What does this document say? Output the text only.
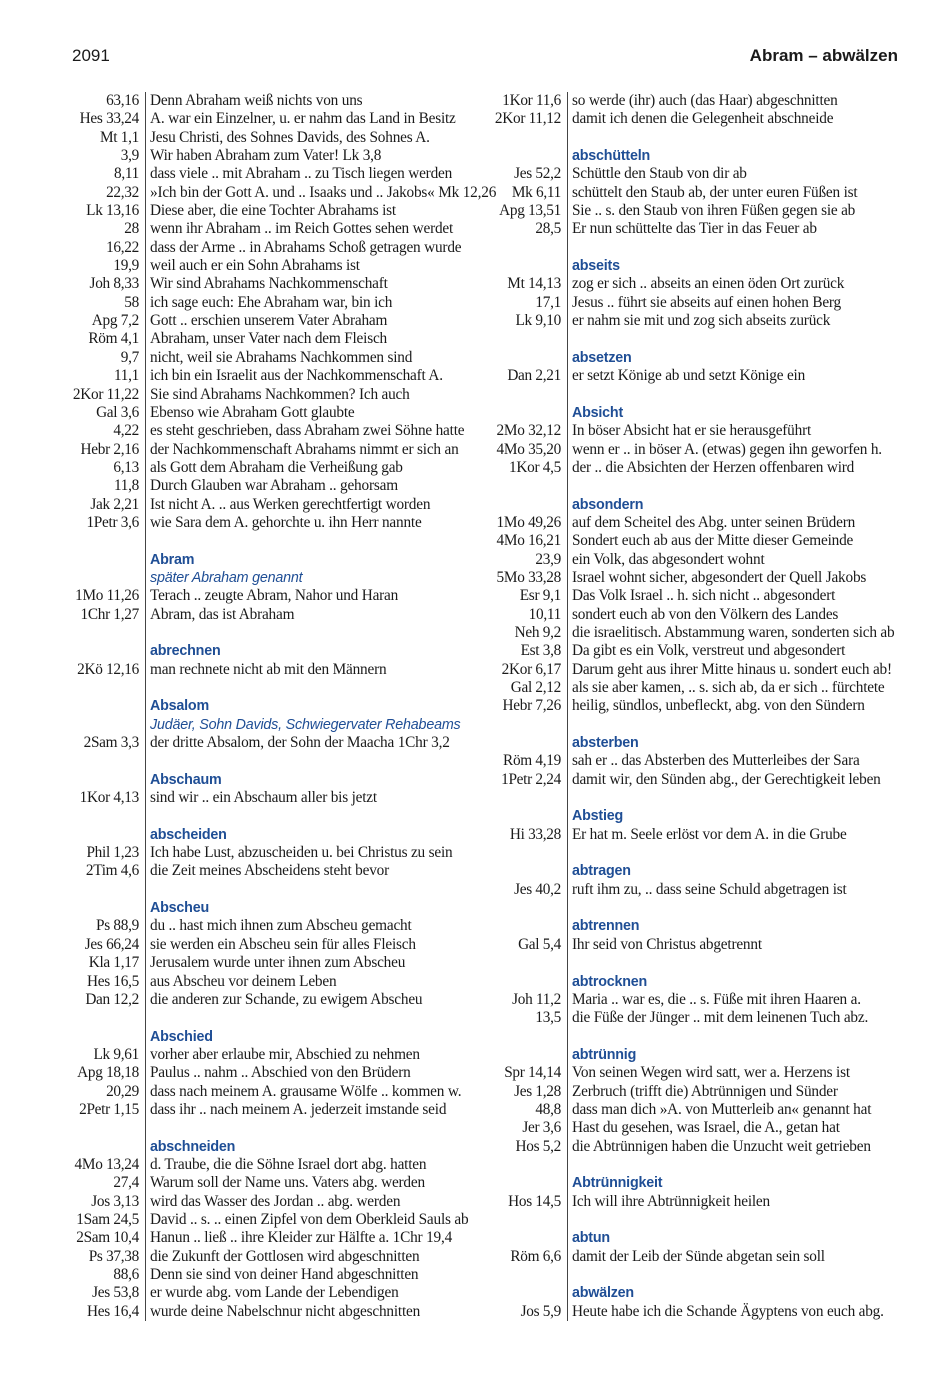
2091	Abram – abwälzen
63,16 Denn Abraham weiß nichts von uns
Hes 33,24 A. war ein Einzelner, u. er nahm das Land in Besitz
Mt 1,1 Jesu Christi, des Sohnes Davids, des Sohnes A.
3,9 Wir haben Abraham zum Vater! Lk 3,8
8,11 dass viele .. mit Abraham .. zu Tisch liegen werden
22,32 »Ich bin der Gott A. und .. Isaaks und .. Jakobs« Mk 12,26
Lk 13,16 Diese aber, die eine Tochter Abrahams ist
28 wenn ihr Abraham .. im Reich Gottes sehen werdet
16,22 dass der Arme .. in Abrahams Schoß getragen wurde
19,9 weil auch er ein Sohn Abrahams ist
Joh 8,33 Wir sind Abrahams Nachkommenschaft
58 ich sage euch: Ehe Abraham war, bin ich
Apg 7,2 Gott .. erschien unserem Vater Abraham
Röm 4,1 Abraham, unser Vater nach dem Fleisch
9,7 nicht, weil sie Abrahams Nachkommen sind
11,1 ich bin ein Israelit aus der Nachkommenschaft A.
2Kor 11,22 Sie sind Abrahams Nachkommen? Ich auch
Gal 3,6 Ebenso wie Abraham Gott glaubte
4,22 es steht geschrieben, dass Abraham zwei Söhne hatte
Hebr 2,16 der Nachkommenschaft Abrahams nimmt er sich an
6,13 als Gott dem Abraham die Verheißung gab
11,8 Durch Glauben war Abraham .. gehorsam
Jak 2,21 Ist nicht A. .. aus Werken gerechtfertigt worden
1Petr 3,6 wie Sara dem A. gehorchte u. ihn Herr nannte
Abram
später Abraham genannt
1Mo 11,26 Terach .. zeugte Abram, Nahor und Haran
1Chr 1,27 Abram, das ist Abraham
abrechnen
2Kö 12,16 man rechnete nicht ab mit den Männern
Absalom
Judäer, Sohn Davids, Schwiegervater Rehabeams
2Sam 3,3 der dritte Absalom, der Sohn der Maacha 1Chr 3,2
Abschaum
1Kor 4,13 sind wir .. ein Abschaum aller bis jetzt
abscheiden
Phil 1,23 Ich habe Lust, abzuscheiden u. bei Christus zu sein
2Tim 4,6 die Zeit meines Abscheidens steht bevor
Abscheu
Ps 88,9 du .. hast mich ihnen zum Abscheu gemacht
Jes 66,24 sie werden ein Abscheu sein für alles Fleisch
Kla 1,17 Jerusalem wurde unter ihnen zum Abscheu
Hes 16,5 aus Abscheu vor deinem Leben
Dan 12,2 die anderen zur Schande, zu ewigem Abscheu
Abschied
Lk 9,61 vorher aber erlaube mir, Abschied zu nehmen
Apg 18,18 Paulus .. nahm .. Abschied von den Brüdern
20,29 dass nach meinem A. grausame Wölfe .. kommen w.
2Petr 1,15 dass ihr .. nach meinem A. jederzeit imstande seid
abschneiden
4Mo 13,24 d. Traube, die die Söhne Israel dort abg. hatten
27,4 Warum soll der Name uns. Vaters abg. werden
Jos 3,13 wird das Wasser des Jordan .. abg. werden
1Sam 24,5 David .. s. .. einen Zipfel von dem Oberkleid Sauls ab
2Sam 10,4 Hanun .. ließ .. ihre Kleider zur Hälfte a. 1Chr 19,4
Ps 37,38 die Zukunft der Gottlosen wird abgeschnitten
88,6 Denn sie sind von deiner Hand abgeschnitten
Jes 53,8 er wurde abg. vom Lande der Lebendigen
Hes 16,4 wurde deine Nabelschnur nicht abgeschnitten
1Kor 11,6 so werde (ihr) auch (das Haar) abgeschnitten
2Kor 11,12 damit ich denen die Gelegenheit abschneide
abschütteln
Jes 52,2 Schüttle den Staub von dir ab
Mk 6,11 schüttelt den Staub ab, der unter euren Füßen ist
Apg 13,51 Sie .. s. den Staub von ihren Füßen gegen sie ab
28,5 Er nun schüttelte das Tier in das Feuer ab
abseits
Mt 14,13 zog er sich .. abseits an einen öden Ort zurück
17,1 Jesus .. führt sie abseits auf einen hohen Berg
Lk 9,10 er nahm sie mit und zog sich abseits zurück
absetzen
Dan 2,21 er setzt Könige ab und setzt Könige ein
Absicht
2Mo 32,12 In böser Absicht hat er sie herausgeführt
4Mo 35,20 wenn er .. in böser A. (etwas) gegen ihn geworfen h.
1Kor 4,5 der .. die Absichten der Herzen offenbaren wird
absondern
1Mo 49,26 auf dem Scheitel des Abg. unter seinen Brüdern
4Mo 16,21 Sondert euch ab aus der Mitte dieser Gemeinde
23,9 ein Volk, das abgesondert wohnt
5Mo 33,28 Israel wohnt sicher, abgesondert der Quell Jakobs
Esr 9,1 Das Volk Israel .. h. sich nicht .. abgesondert
10,11 sondert euch ab von den Völkern des Landes
Neh 9,2 die israelitisch. Abstammung waren, sonderten sich ab
Est 3,8 Da gibt es ein Volk, verstreut und abgesondert
2Kor 6,17 Darum geht aus ihrer Mitte hinaus u. sondert euch ab!
Gal 2,12 als sie aber kamen, .. s. sich ab, da er sich .. fürchtete
Hebr 7,26 heilig, sündlos, unbefleckt, abg. von den Sündern
absterben
Röm 4,19 sah er .. das Absterben des Mutterleibes der Sara
1Petr 2,24 damit wir, den Sünden abg., der Gerechtigkeit leben
Abstieg
Hi 33,28 Er hat m. Seele erlöst vor dem A. in die Grube
abtragen
Jes 40,2 ruft ihm zu, .. dass seine Schuld abgetragen ist
abtrennen
Gal 5,4 Ihr seid von Christus abgetrennt
abtrocknen
Joh 11,2 Maria .. war es, die .. s. Füße mit ihren Haaren a.
13,5 die Füße der Jünger .. mit dem leinenen Tuch abz.
abtrünnig
Spr 14,14 Von seinen Wegen wird satt, wer a. Herzens ist
Jes 1,28 Zerbruch (trifft die) Abtrünnigen und Sünder
48,8 dass man dich »A. von Mutterleib an« genannt hat
Jer 3,6 Hast du gesehen, was Israel, die A., getan hat
Hos 5,2 die Abtrünnigen haben die Unzucht weit getrieben
Abtrünnigkeit
Hos 14,5 Ich will ihre Abtrünnigkeit heilen
abtun
Röm 6,6 damit der Leib der Sünde abgetan sein soll
abwälzen
Jos 5,9 Heute habe ich die Schande Ägyptens von euch abg.
